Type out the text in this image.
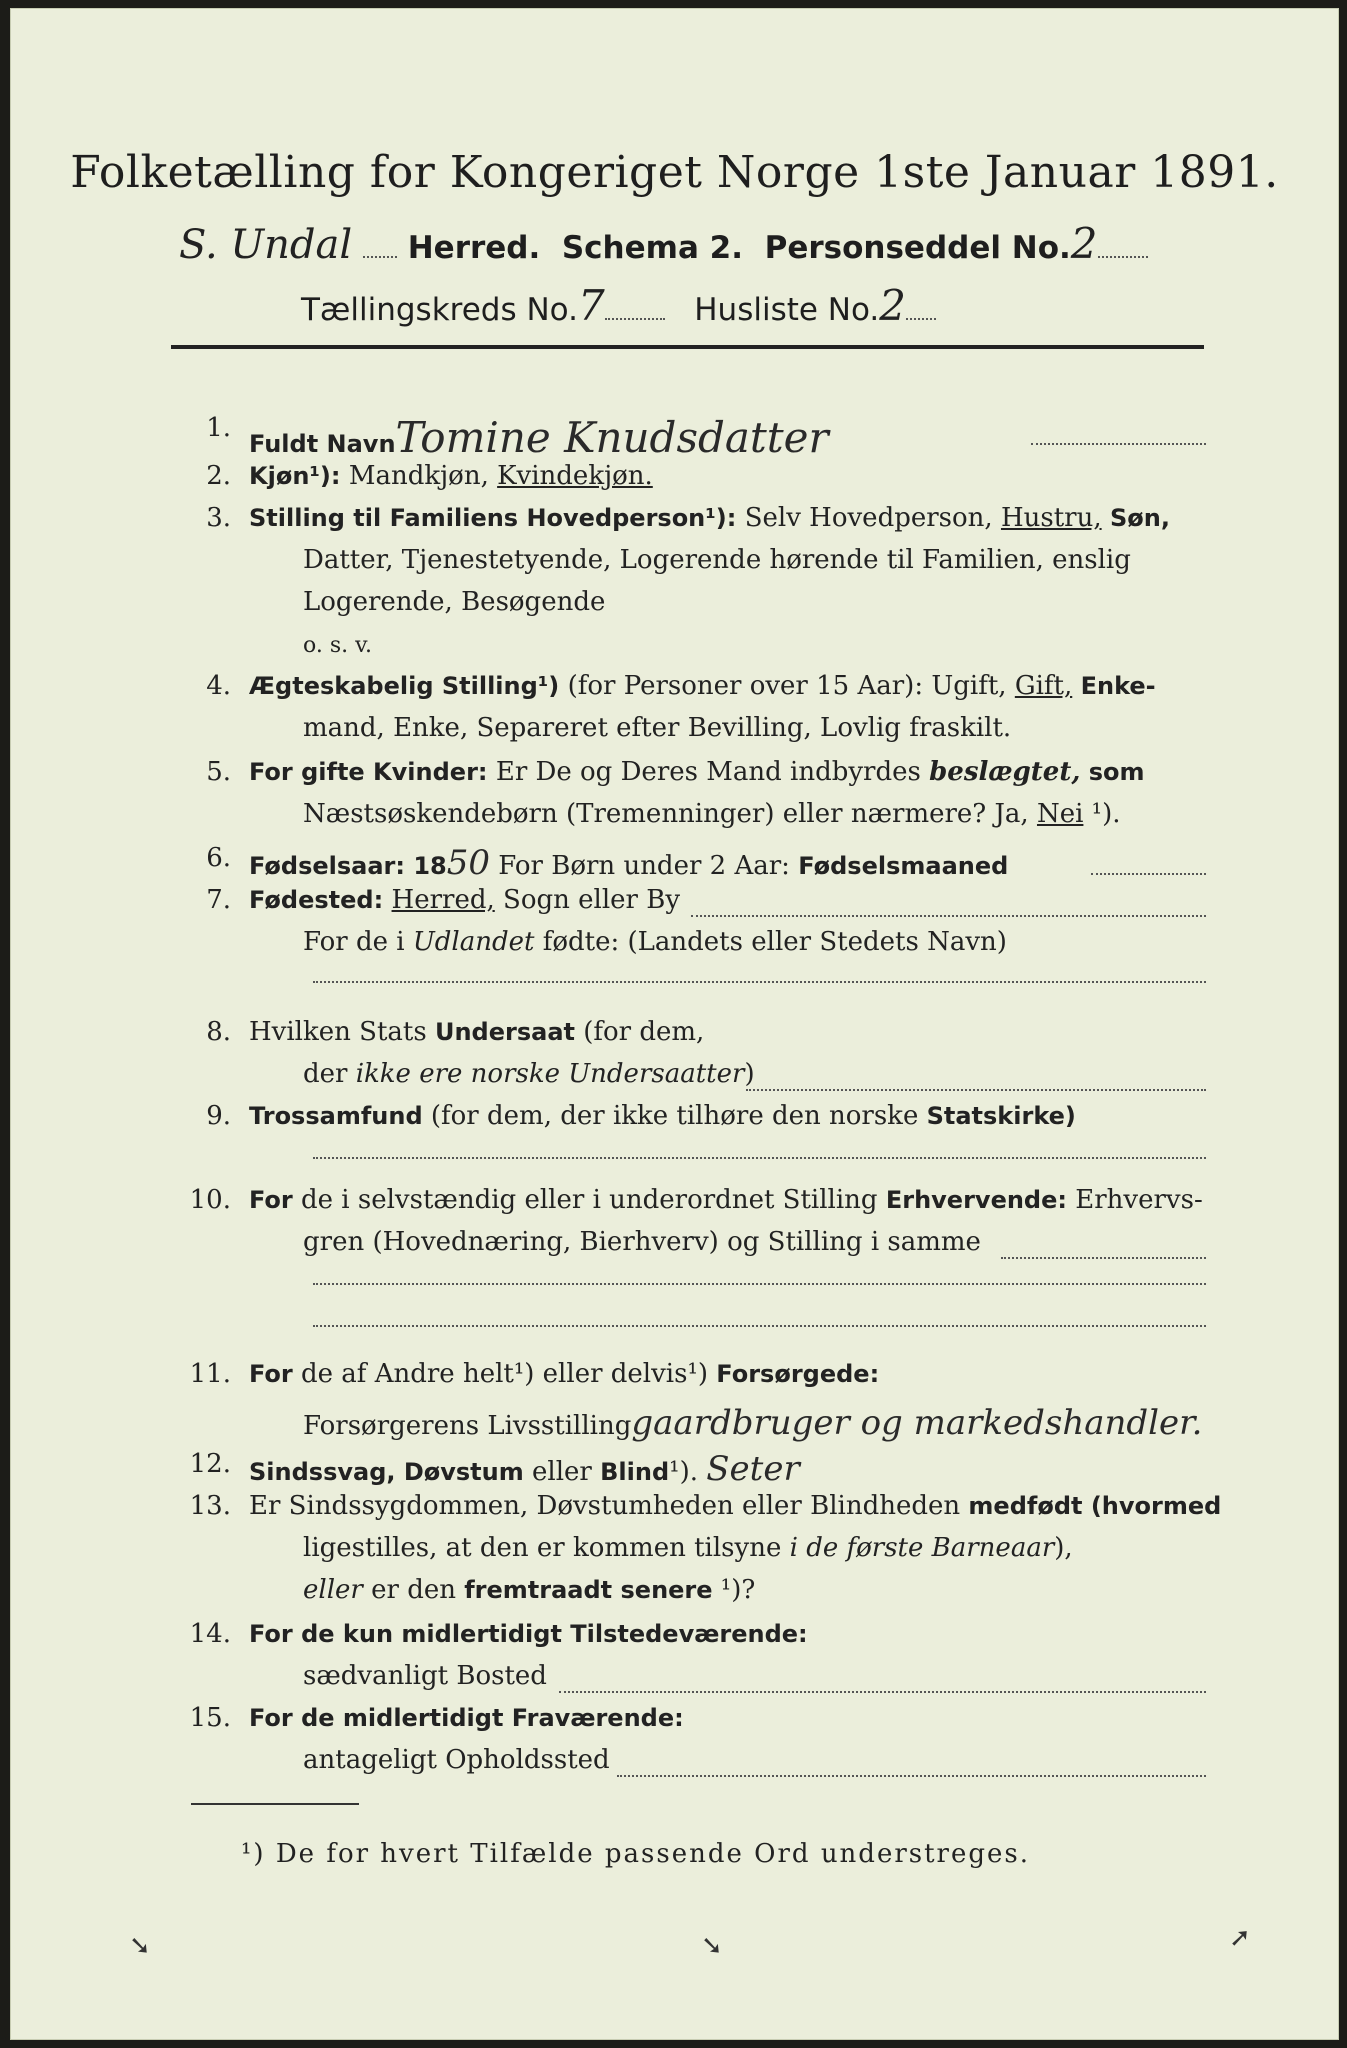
Folketælling for Kongeriget Norge 1ste Januar 1891.
S. Undal Herred. Schema 2. Personseddel No.2
Tællingskreds No.7	Husliste No.2
1.
Fuldt NavnTomine Knudsdatter
2. Kjøn¹): Mandkjøn, Kvindekjøn.
3. Stilling til Familiens Hovedperson¹): Selv Hovedperson, Hustru, Søn,
Datter, Tjenestetyende, Logerende hørende til Familien, enslig
Logerende, Besøgende
o. s. v.
4. Ægteskabelig Stilling¹) (for Personer over 15 Aar): Ugift, Gift, Enke-
mand, Enke, Separeret efter Bevilling, Lovlig fraskilt.
5. For gifte Kvinder: Er De og Deres Mand indbyrdes beslægtet, som
Næstsøskendebørn (Tremenninger) eller nærmere? Ja, Nei ¹).
6. Fødselsaar: 1850 For Børn under 2 Aar: Fødselsmaaned
7. Fødested: Herred, Sogn eller By
For de i Udlandet fødte: (Landets eller Stedets Navn)
8. Hvilken Stats Undersaat (for dem,
der ikke ere norske Undersaatter)
9. Trossamfund (for dem, der ikke tilhøre den norske Statskirke)
10. For de i selvstændig eller i underordnet Stilling Erhvervende: Erhvervs-
gren (Hovednæring, Bierhverv) og Stilling i samme
11. For de af Andre helt¹) eller delvis¹) Forsørgede:
Forsørgerens Livsstillinggaardbruger og markedshandler.
12. Sindssvag, Døvstum eller Blind¹). Seter
13. Er Sindssygdommen, Døvstumheden eller Blindheden medfødt (hvormed
ligestilles, at den er kommen tilsyne i de første Barneaar),
eller er den fremtraadt senere ¹)?
14. For de kun midlertidigt Tilstedeværende:
sædvanligt Bosted
15. For de midlertidigt Fraværende:
antageligt Opholdssted
¹) De for hvert Tilfælde passende Ord understreges.
➘	➘	➚
